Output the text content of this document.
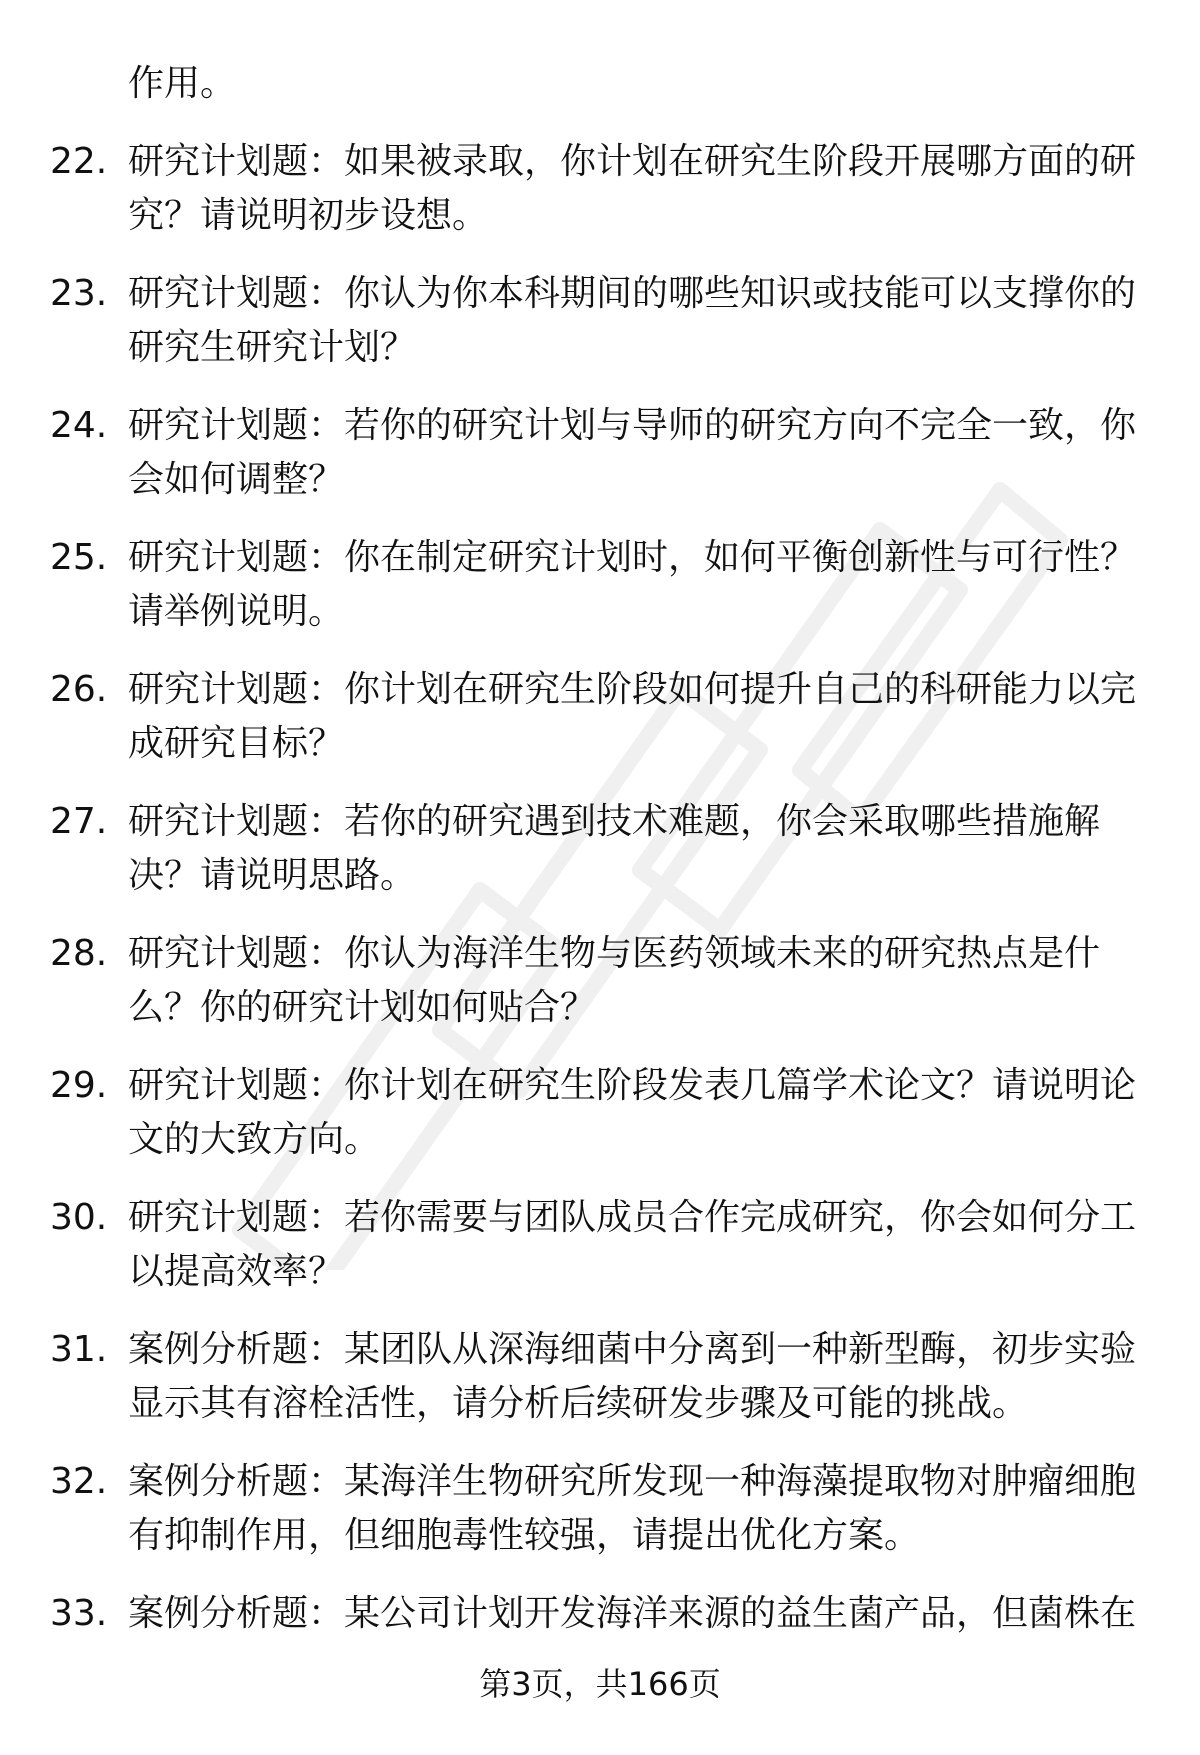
作用。
22. 研究计划题：如果被录取，你计划在研究生阶段开展哪方面的研究？请说明初步设想。
23. 研究计划题：你认为你本科期间的哪些知识或技能可以支撑你的研究生研究计划？
24. 研究计划题：若你的研究计划与导师的研究方向不完全一致，你会如何调整？
25. 研究计划题：你在制定研究计划时，如何平衡创新性与可行性？请举例说明。
26. 研究计划题：你计划在研究生阶段如何提升自己的科研能力以完成研究目标？
27. 研究计划题：若你的研究遇到技术难题，你会采取哪些措施解决？请说明思路。
28. 研究计划题：你认为海洋生物与医药领域未来的研究热点是什么？你的研究计划如何贴合？
29. 研究计划题：你计划在研究生阶段发表几篇学术论文？请说明论文的大致方向。
30. 研究计划题：若你需要与团队成员合作完成研究，你会如何分工以提高效率？
31. 案例分析题：某团队从深海细菌中分离到一种新型酶，初步实验显示其有溶栓活性，请分析后续研发步骤及可能的挑战。
32. 案例分析题：某海洋生物研究所发现一种海藻提取物对肿瘤细胞有抑制作用，但细胞毒性较强，请提出优化方案。
33. 案例分析题：某公司计划开发海洋来源的益生菌产品，但菌株在
第3页，共166页
